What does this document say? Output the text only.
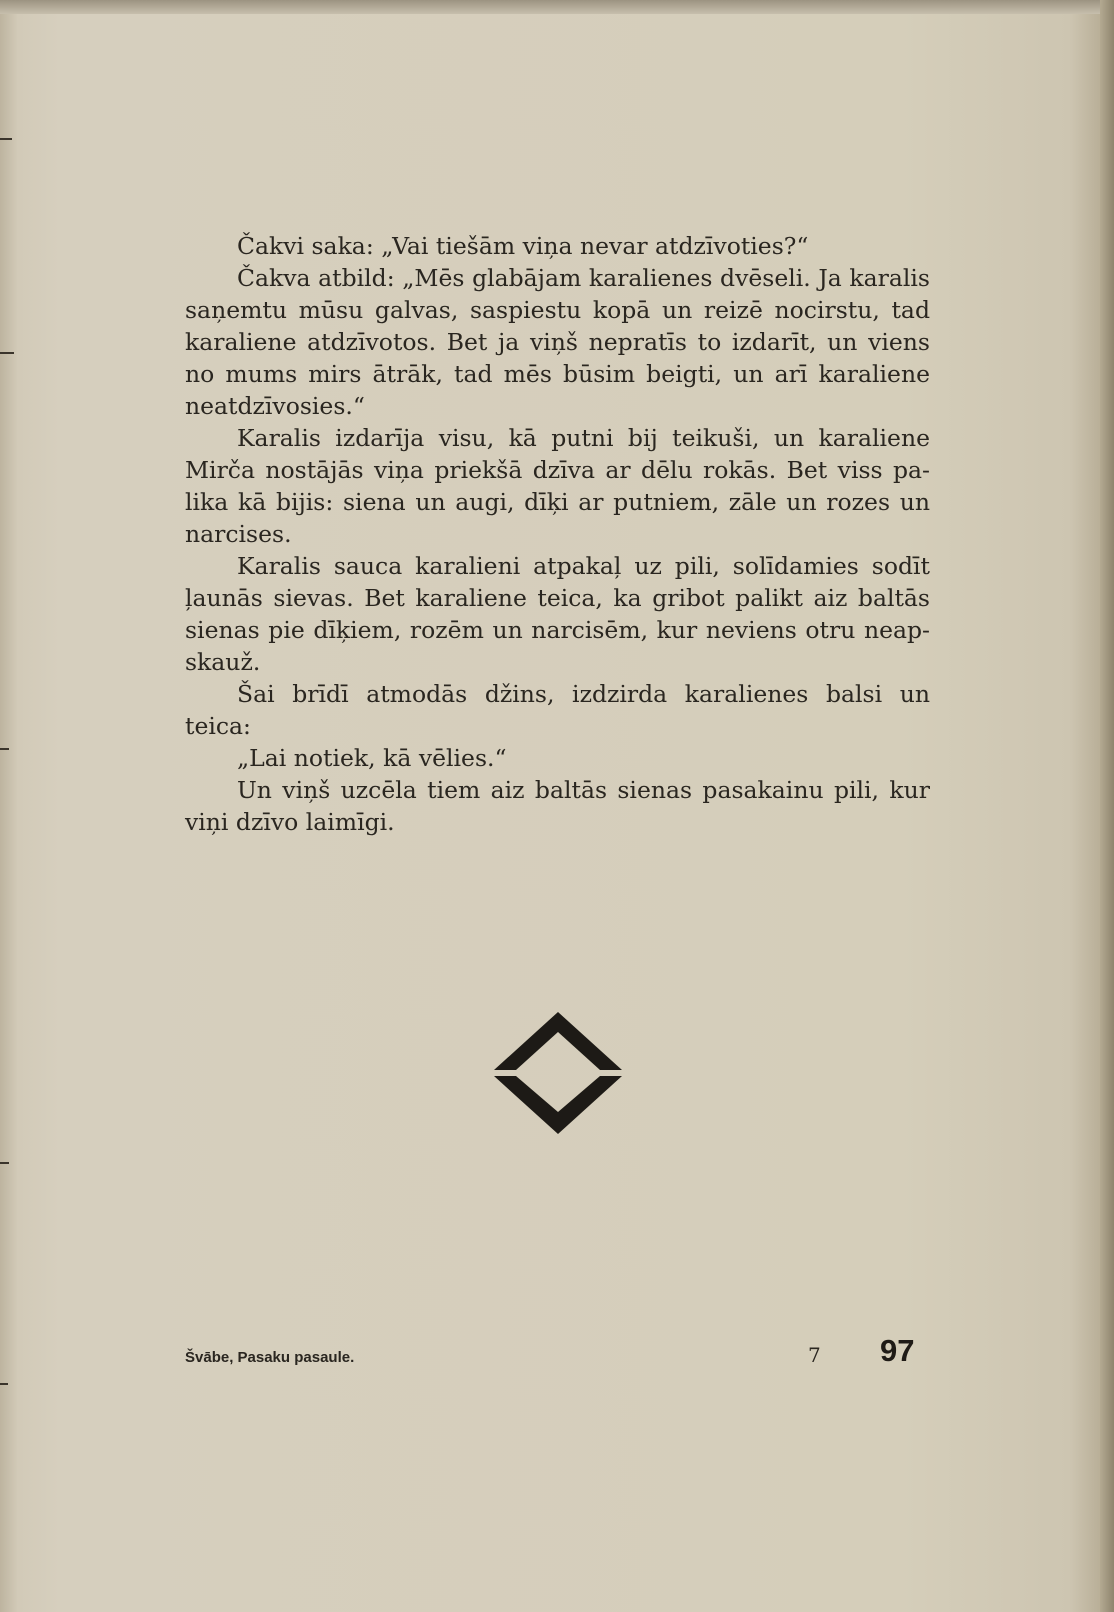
Čakvi saka: „Vai tiešām viņa nevar atdzīvoties?“

Čakva atbild: „Mēs glabājam karalienes dvēseli. Ja karalis saņemtu mūsu galvas, saspiestu kopā un reizē nocirstu, tad karaliene atdzīvotos. Bet ja viņš nepratīs to izdarīt, un viens no mums mirs ātrāk, tad mēs būsim beigti, un arī karaliene neatdzīvosies.“

Karalis izdarīja visu, kā putni bij teikuši, un karaliene Mirča nostājās viņa priekšā dzīva ar dēlu rokās. Bet viss palika kā bijis: siena un augi, dīķi ar putniem, zāle un rozes un narcises.

Karalis sauca karalieni atpakaļ uz pili, solīdamies sodīt ļaunās sievas. Bet karaliene teica, ka gribot palikt aiz baltās sienas pie dīķiem, rozēm un narcisēm, kur neviens otru neapskauž.

Šai brīdī atmodās džins, izdzirda karalienes balsi un teica:

„Lai notiek, kā vēlies.“

Un viņš uzcēla tiem aiz baltās sienas pasakainu pili, kur viņi dzīvo laimīgi.

Švābe, Pasaku pasaule.	7 97
